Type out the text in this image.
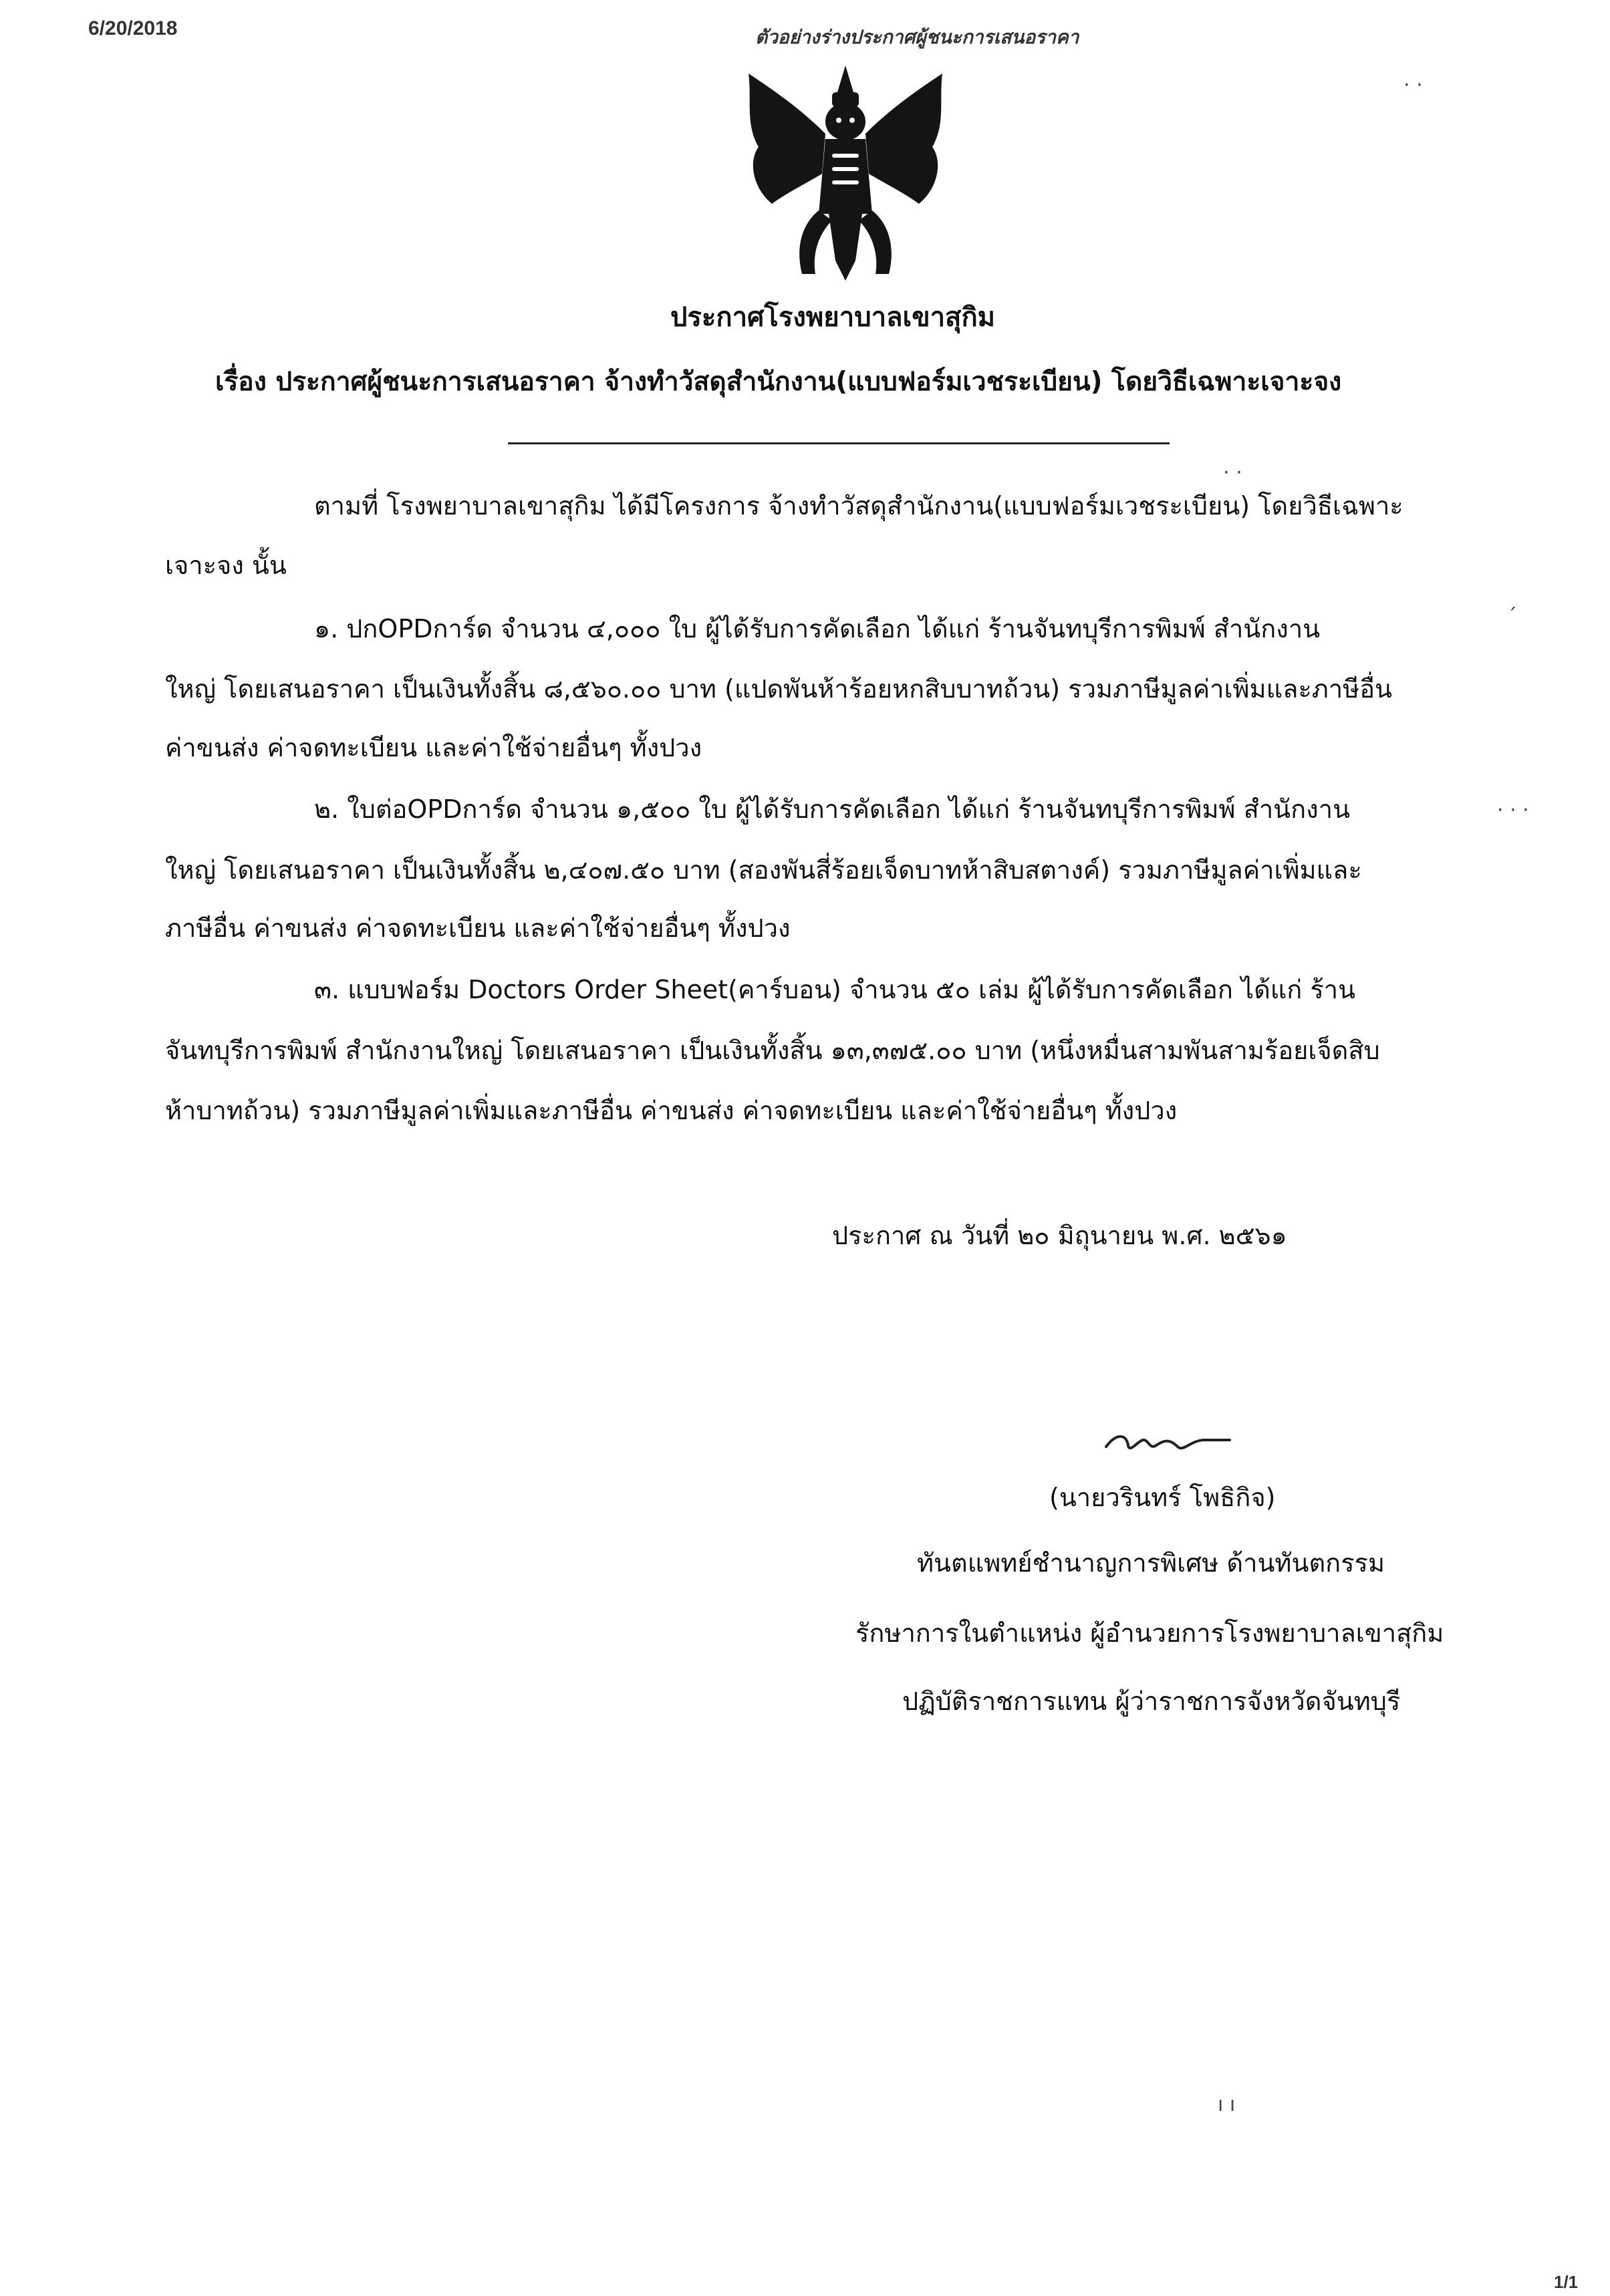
6/20/2018	ตัวอย่างร่างประกาศผู้ชนะการเสนอราคา
ประกาศโรงพยาบาลเขาสุกิม
เรื่อง ประกาศผู้ชนะการเสนอราคา จ้างทำวัสดุสำนักงาน(แบบฟอร์มเวชระเบียน) โดยวิธีเฉพาะเจาะจง
ตามที่ โรงพยาบาลเขาสุกิม ได้มีโครงการ จ้างทำวัสดุสำนักงาน(แบบฟอร์มเวชระเบียน) โดยวิธีเฉพาะ
เจาะจง นั้น
๑. ปกOPDการ์ด จำนวน ๔,๐๐๐ ใบ ผู้ได้รับการคัดเลือก ได้แก่ ร้านจันทบุรีการพิมพ์ สำนักงาน
ใหญ่ โดยเสนอราคา เป็นเงินทั้งสิ้น ๘,๕๖๐.๐๐ บาท (แปดพันห้าร้อยหกสิบบาทถ้วน) รวมภาษีมูลค่าเพิ่มและภาษีอื่น
ค่าขนส่ง ค่าจดทะเบียน และค่าใช้จ่ายอื่นๆ ทั้งปวง
๒. ใบต่อOPDการ์ด จำนวน ๑,๕๐๐ ใบ ผู้ได้รับการคัดเลือก ได้แก่ ร้านจันทบุรีการพิมพ์ สำนักงาน
ใหญ่ โดยเสนอราคา เป็นเงินทั้งสิ้น ๒,๔๐๗.๕๐ บาท (สองพันสี่ร้อยเจ็ดบาทห้าสิบสตางค์) รวมภาษีมูลค่าเพิ่มและ
ภาษีอื่น ค่าขนส่ง ค่าจดทะเบียน และค่าใช้จ่ายอื่นๆ ทั้งปวง
๓. แบบฟอร์ม Doctors Order Sheet(คาร์บอน) จำนวน ๕๐ เล่ม ผู้ได้รับการคัดเลือก ได้แก่ ร้าน
จันทบุรีการพิมพ์ สำนักงานใหญ่ โดยเสนอราคา เป็นเงินทั้งสิ้น ๑๓,๓๗๕.๐๐ บาท (หนึ่งหมื่นสามพันสามร้อยเจ็ดสิบ
ห้าบาทถ้วน) รวมภาษีมูลค่าเพิ่มและภาษีอื่น ค่าขนส่ง ค่าจดทะเบียน และค่าใช้จ่ายอื่นๆ ทั้งปวง
ประกาศ ณ วันที่ ๒๐ มิถุนายน พ.ศ. ๒๕๖๑
(นายวรินทร์ โพธิกิจ)
ทันตแพทย์ชำนาญการพิเศษ ด้านทันตกรรม
รักษาการในตำแหน่ง ผู้อำนวยการโรงพยาบาลเขาสุกิม
ปฏิบัติราชการแทน ผู้ว่าราชการจังหวัดจันทบุรี
· ·
´
· · ·
· ·
ı ı
1/1
